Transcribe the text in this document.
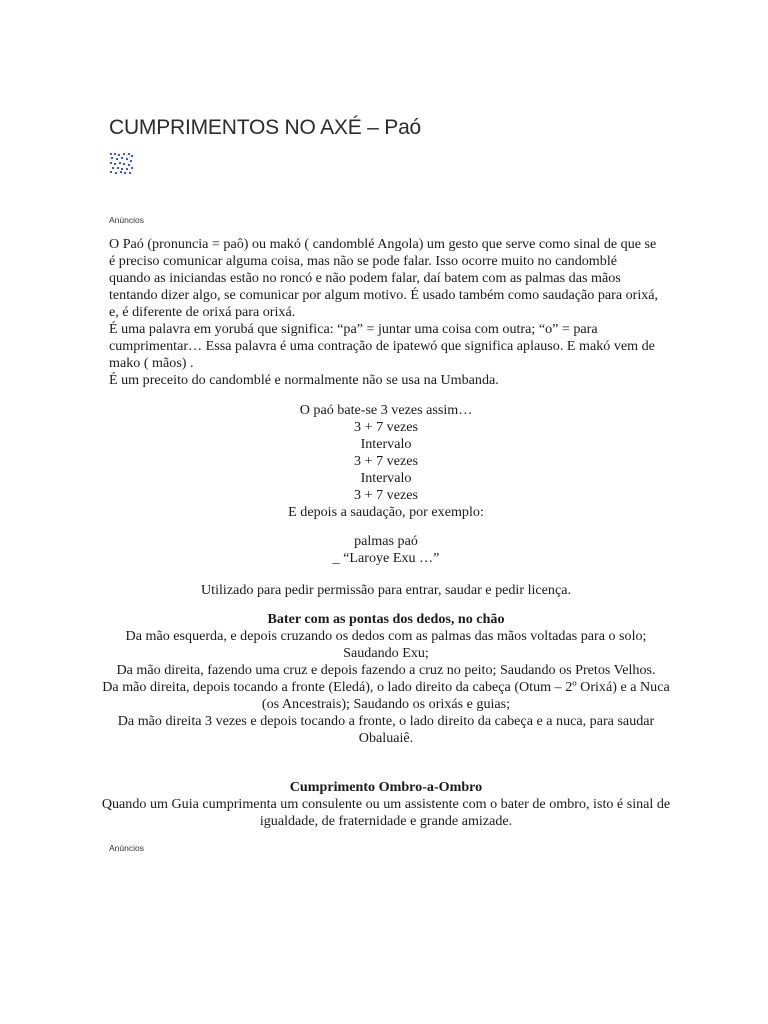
CUMPRIMENTOS NO AXÉ – Paó
Anúncios

O Paó (pronuncia = paô) ou makó ( candomblé Angola) um gesto que serve como sinal de que se é preciso comunicar alguma coisa, mas não se pode falar. Isso ocorre muito no candomblé quando as iniciandas estão no roncó e não podem falar, daí batem com as palmas das mãos tentando dizer algo, se comunicar por algum motivo. É usado também como saudação para orixá, e, é diferente de orixá para orixá.

É uma palavra em yorubá que significa: “pa” = juntar uma coisa com outra; “o” = para cumprimentar… Essa palavra é uma contração de ipatewó que significa aplauso. E makó vem de mako ( mãos) .

É um preceito do candomblé e normalmente não se usa na Umbanda.

O paó bate-se 3 vezes assim…

3 + 7 vezes

Intervalo

3 + 7 vezes

Intervalo

3 + 7 vezes

E depois a saudação, por exemplo:

palmas paó

_ “Laroye Exu …”

Utilizado para pedir permissão para entrar, saudar e pedir licença.

Bater com as pontas dos dedos, no chão

Da mão esquerda, e depois cruzando os dedos com as palmas das mãos voltadas para o solo; Saudando Exu;

Da mão direita, fazendo uma cruz e depois fazendo a cruz no peito; Saudando os Pretos Velhos.

Da mão direita, depois tocando a fronte (Eledá), o lado direito da cabeça (Otum – 2º Orixá) e a Nuca (os Ancestrais); Saudando os orixás e guias;

Da mão direita 3 vezes e depois tocando a fronte, o lado direito da cabeça e a nuca, para saudar Obaluaiê.

Cumprimento Ombro-a-Ombro

Quando um Guia cumprimenta um consulente ou um assistente com o bater de ombro, isto é sinal de igualdade, de fraternidade e grande amizade.

Anúncios
